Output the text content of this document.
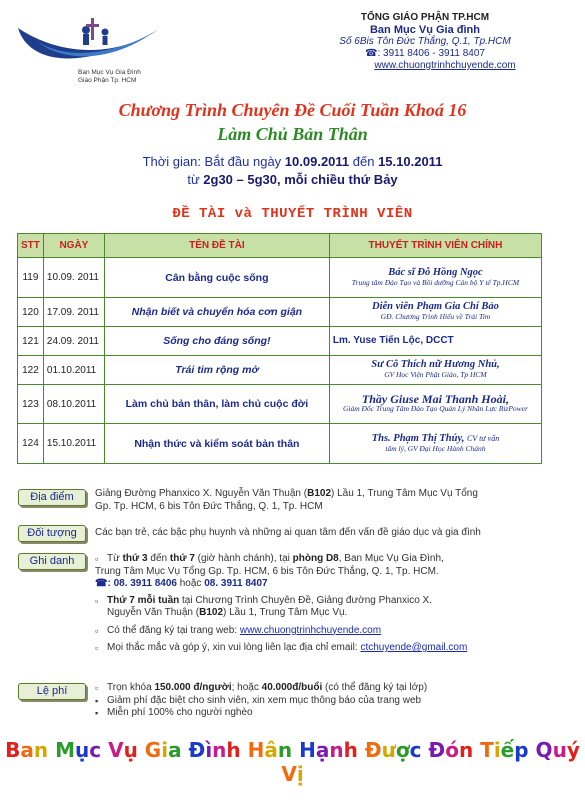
Ban Mục Vụ Gia Đình
Giáo Phận Tp. HCM
TỔNG GIÁO PHẬN TP.HCM
Ban Mục Vụ Gia đình
Số 6Bis Tôn Đức Thắng, Q.1, Tp.HCM
☎: 3911 8406 - 3911 8407
www.chuongtrinhchuyende.com
Chương Trình Chuyên Đề Cuối Tuần Khoá 16
Làm Chủ Bản Thân
Thời gian: Bắt đầu ngày 10.09.2011 đến 15.10.2011
từ 2g30 – 5g30, mỗi chiều thứ Bảy
ĐỀ TÀI và THUYẾT TRÌNH VIÊN
STT	NGÀY	TÊN ĐỀ TÀI	THUYẾT TRÌNH VIÊN CHÍNH
119	10.09. 2011	Cân bằng cuộc sống	Bác sĩ Đỗ Hồng Ngọc
Trung tâm Đào Tạo và Bồi dưỡng Cán bộ Y tế Tp.HCM

120	17.09. 2011	Nhận biết và chuyển hóa cơn giận	Diễn viên Phạm Gia Chí Bảo
GĐ. Chương Trình Hiểu về Trái Tim

121	24.09. 2011	Sống cho đáng sống!	Lm. Yuse Tiến Lộc, DCCT

122	01.10.2011	Trái tim rộng mở	Sư Cô Thích nữ Hương Nhủ,
GV Học Viện Phật Giáo, Tp HCM

123	08.10.2011	Làm chủ bản thân, làm chủ cuộc đời	Thầy Giuse Mai Thanh Hoài,
Giám Đốc Trung Tâm Đào Tạo Quản Lý Nhân Lực BizPower

124	15.10.2011	Nhận thức và kiểm soát bản thân	Ths. Phạm Thị Thúy, CV tư vấn
tâm lý, GV Đại Học Hành Chánh
Địa điểm	Giảng Đường Phanxico X. Nguyễn Văn Thuận (B102) Lầu 1, Trung Tâm Mục Vụ Tổng
Gp. Tp. HCM, 6 bis Tôn Đức Thắng, Q. 1, Tp. HCM
Đối tượng	Các bạn trẻ, các bậc phụ huynh và những ai quan tâm đến vấn đề giáo dục và gia đình
Ghi danh	▫ Từ thứ 3 đến thứ 7 (giờ hành chánh), tại phòng D8, Ban Mục Vụ Gia Đình,
Trung Tâm Mục Vụ Tổng Gp. Tp. HCM, 6 bis Tôn Đức Thắng, Q. 1, Tp. HCM.
☎: 08. 3911 8406 hoặc 08. 3911 8407
▫ Thứ 7 mỗi tuần tại Chương Trình Chuyên Đề, Giảng đường Phanxico X.
Nguyễn Văn Thuận (B102) Lầu 1, Trung Tâm Mục Vụ.
▫ Có thể đăng ký tại trang web: www.chuongtrinhchuyende.com
▫ Mọi thắc mắc và góp ý, xin vui lòng liên lạc địa chỉ email: ctchuyende@gmail.com
Lệ phí	▫ Trọn khóa 150.000 đ/người; hoặc 40.000đ/buổi (có thể đăng ký tại lớp)
▪ Giảm phí đặc biệt cho sinh viên, xin xem mục thông báo của trang web
▪ Miễn phí 100% cho người nghèo
Ban Mục Vụ Gia Đình Hân Hạnh Được Đón Tiếp Quý Vị
